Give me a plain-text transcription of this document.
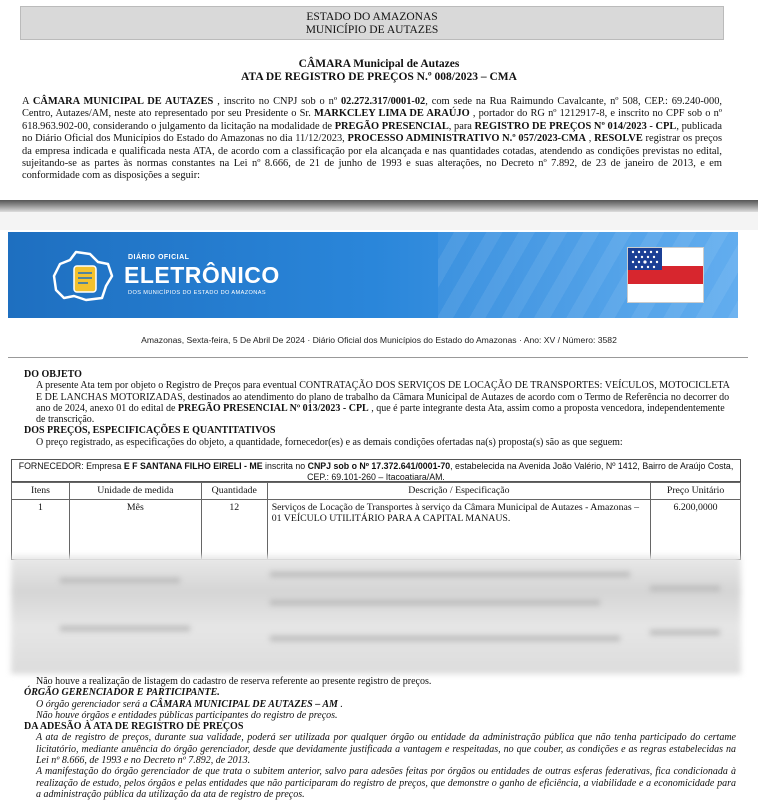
ESTADO DO AMAZONAS
MUNICÍPIO DE AUTAZES
CÂMARA Municipal de Autazes
ATA DE REGISTRO DE PREÇOS N.º 008/2023 – CMA
A CÂMARA MUNICIPAL DE AUTAZES , inscrito no CNPJ sob o nº 02.272.317/0001-02, com sede na Rua Raimundo Cavalcante, nº 508, CEP.: 69.240-000, Centro, Autazes/AM, neste ato representado por seu Presidente o Sr. MARKCLEY LIMA DE ARAÚJO , portador do RG nº 1212917-8, e inscrito no CPF sob o nº 618.963.902-00, considerando o julgamento da licitação na modalidade de PREGÃO PRESENCIAL, para REGISTRO DE PREÇOS Nº 014/2023 - CPL, publicada no Diário Oficial dos Municípios do Estado do Amazonas no dia 11/12/2023, PROCESSO ADMINISTRATIVO N.º 057/2023-CMA , RESOLVE registrar os preços da empresa indicada e qualificada nesta ATA, de acordo com a classificação por ela alcançada e nas quantidades cotadas, atendendo as condições previstas no edital, sujeitando-se as partes às normas constantes na Lei nº 8.666, de 21 de junho de 1993 e suas alterações, no Decreto nº 7.892, de 23 de janeiro de 2013, e em conformidade com as disposições a seguir:
DIÁRIO OFICIAL
ELETRÔNICO
DOS MUNICÍPIOS DO ESTADO DO AMAZONAS
Amazonas, Sexta-feira, 5 De Abril De 2024 · Diário Oficial dos Municípios do Estado do Amazonas · Ano: XV / Número: 3582

DO OBJETO

A presente Ata tem por objeto o Registro de Preços para eventual CONTRATAÇÃO DOS SERVIÇOS DE LOCAÇÃO DE TRANSPORTES: VEÍCULOS, MOTOCICLETA E DE LANCHAS MOTORIZADAS, destinados ao atendimento do plano de trabalho da Câmara Municipal de Autazes de acordo com o Termo de Referência no decorrer do ano de 2024, anexo 01 do edital de PREGÃO PRESENCIAL Nº 013/2023 - CPL , que é parte integrante desta Ata, assim como a proposta vencedora, independentemente de transcrição.

DOS PREÇOS, ESPECIFICAÇÕES E QUANTITATIVOS

O preço registrado, as especificações do objeto, a quantidade, fornecedor(es) e as demais condições ofertadas na(s) proposta(s) são as que seguem:

FORNECEDOR: Empresa E F SANTANA FILHO EIRELI - ME inscrita no CNPJ sob o Nº 17.372.641/0001-70, estabelecida na Avenida João Valério, Nº 1412, Bairro de Araújo Costa, CEP.: 69.101-260 – Itacoatiara/AM.
Itens	Unidade de medida	Quantidade	Descrição / Especificação	Preço Unitário
1	Mês	12	Serviços de Locação de Transportes à serviço da Câmara Municipal de Autazes - Amazonas – 01 VEÍCULO UTILITÁRIO PARA A CAPITAL MANAUS.	6.200,0000

Não houve a realização de listagem do cadastro de reserva referente ao presente registro de preços.

ÓRGÃO GERENCIADOR E PARTICIPANTE.

O órgão gerenciador será a CÂMARA MUNICIPAL DE AUTAZES – AM .

Não houve órgãos e entidades públicas participantes do registro de preços.

DA ADESÃO À ATA DE REGISTRO DE PREÇOS

A ata de registro de preços, durante sua validade, poderá ser utilizada por qualquer órgão ou entidade da administração pública que não tenha participado do certame licitatório, mediante anuência do órgão gerenciador, desde que devidamente justificada a vantagem e respeitadas, no que couber, as condições e as regras estabelecidas na Lei nº 8.666, de 1993 e no Decreto nº 7.892, de 2013.

A manifestação do órgão gerenciador de que trata o subitem anterior, salvo para adesões feitas por órgãos ou entidades de outras esferas federativas, fica condicionada à realização de estudo, pelos órgãos e pelas entidades que não participaram do registro de preços, que demonstre o ganho de eficiência, a viabilidade e a economicidade para a administração pública da utilização da ata de registro de preços.
